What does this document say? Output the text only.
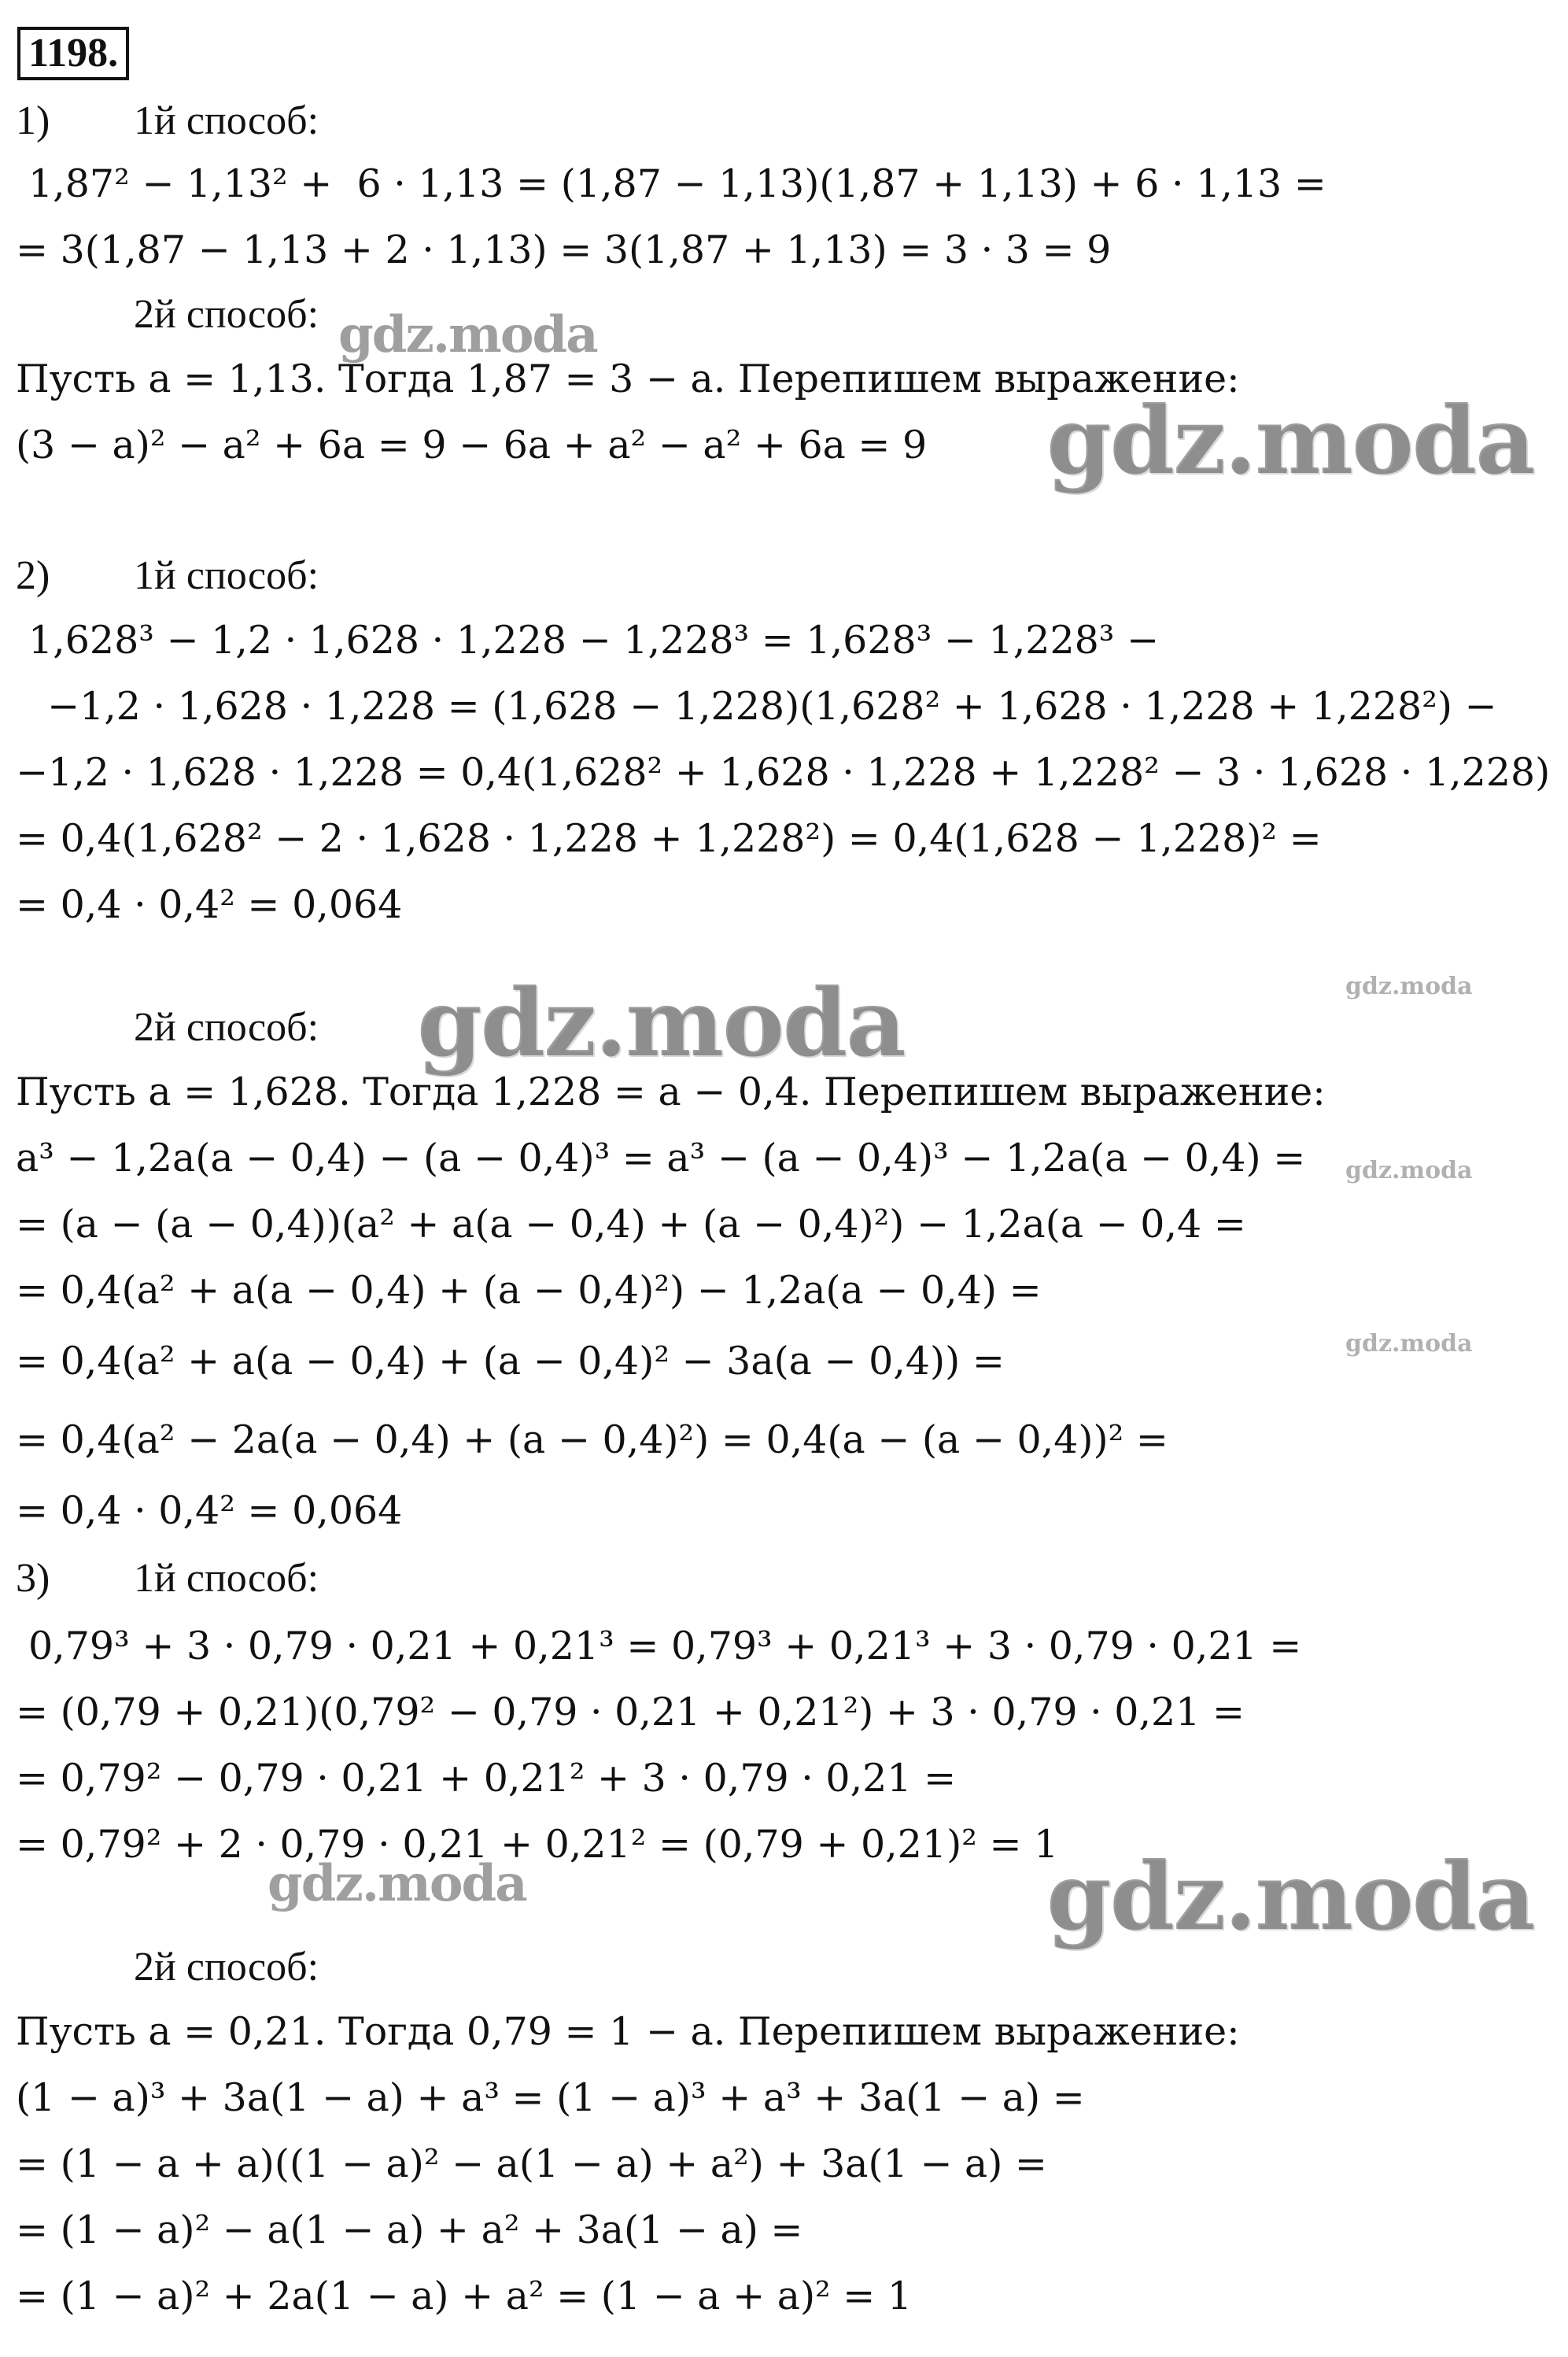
1198.
1) 1й способ:
1,87² − 1,13² +  6 · 1,13 = (1,87 − 1,13)(1,87 + 1,13) + 6 · 1,13 =
= 3(1,87 − 1,13 + 2 · 1,13) = 3(1,87 + 1,13) = 3 · 3 = 9
2й способ:
Пусть a = 1,13. Тогда 1,87 = 3 − a. Перепишем выражение:
(3 − a)² − a² + 6a = 9 − 6a + a² − a² + 6a = 9
2) 1й способ:
1,628³ − 1,2 · 1,628 · 1,228 − 1,228³ = 1,628³ − 1,228³ −
−1,2 · 1,628 · 1,228 = (1,628 − 1,228)(1,628² + 1,628 · 1,228 + 1,228²) −
−1,2 · 1,628 · 1,228 = 0,4(1,628² + 1,628 · 1,228 + 1,228² − 3 · 1,628 · 1,228)
= 0,4(1,628² − 2 · 1,628 · 1,228 + 1,228²) = 0,4(1,628 − 1,228)² =
= 0,4 · 0,4² = 0,064
2й способ:
Пусть a = 1,628. Тогда 1,228 = a − 0,4. Перепишем выражение:
a³ − 1,2a(a − 0,4) − (a − 0,4)³ = a³ − (a − 0,4)³ − 1,2a(a − 0,4) =
= (a − (a − 0,4))(a² + a(a − 0,4) + (a − 0,4)²) − 1,2a(a − 0,4 =
= 0,4(a² + a(a − 0,4) + (a − 0,4)²) − 1,2a(a − 0,4) =
= 0,4(a² + a(a − 0,4) + (a − 0,4)² − 3a(a − 0,4)) =
= 0,4(a² − 2a(a − 0,4) + (a − 0,4)²) = 0,4(a − (a − 0,4))² =
= 0,4 · 0,4² = 0,064
3) 1й способ:
0,79³ + 3 · 0,79 · 0,21 + 0,21³ = 0,79³ + 0,21³ + 3 · 0,79 · 0,21 =
= (0,79 + 0,21)(0,79² − 0,79 · 0,21 + 0,21²) + 3 · 0,79 · 0,21 =
= 0,79² − 0,79 · 0,21 + 0,21² + 3 · 0,79 · 0,21 =
= 0,79² + 2 · 0,79 · 0,21 + 0,21² = (0,79 + 0,21)² = 1
2й способ:
Пусть a = 0,21. Тогда 0,79 = 1 − a. Перепишем выражение:
(1 − a)³ + 3a(1 − a) + a³ = (1 − a)³ + a³ + 3a(1 − a) =
= (1 − a + a)((1 − a)² − a(1 − a) + a²) + 3a(1 − a) =
= (1 − a)² − a(1 − a) + a² + 3a(1 − a) =
= (1 − a)² + 2a(1 − a) + a² = (1 − a + a)² = 1
gdz.moda
gdz.moda
gdz.moda
gdz.moda
gdz.moda
gdz.moda
gdz.moda	gdz.moda
